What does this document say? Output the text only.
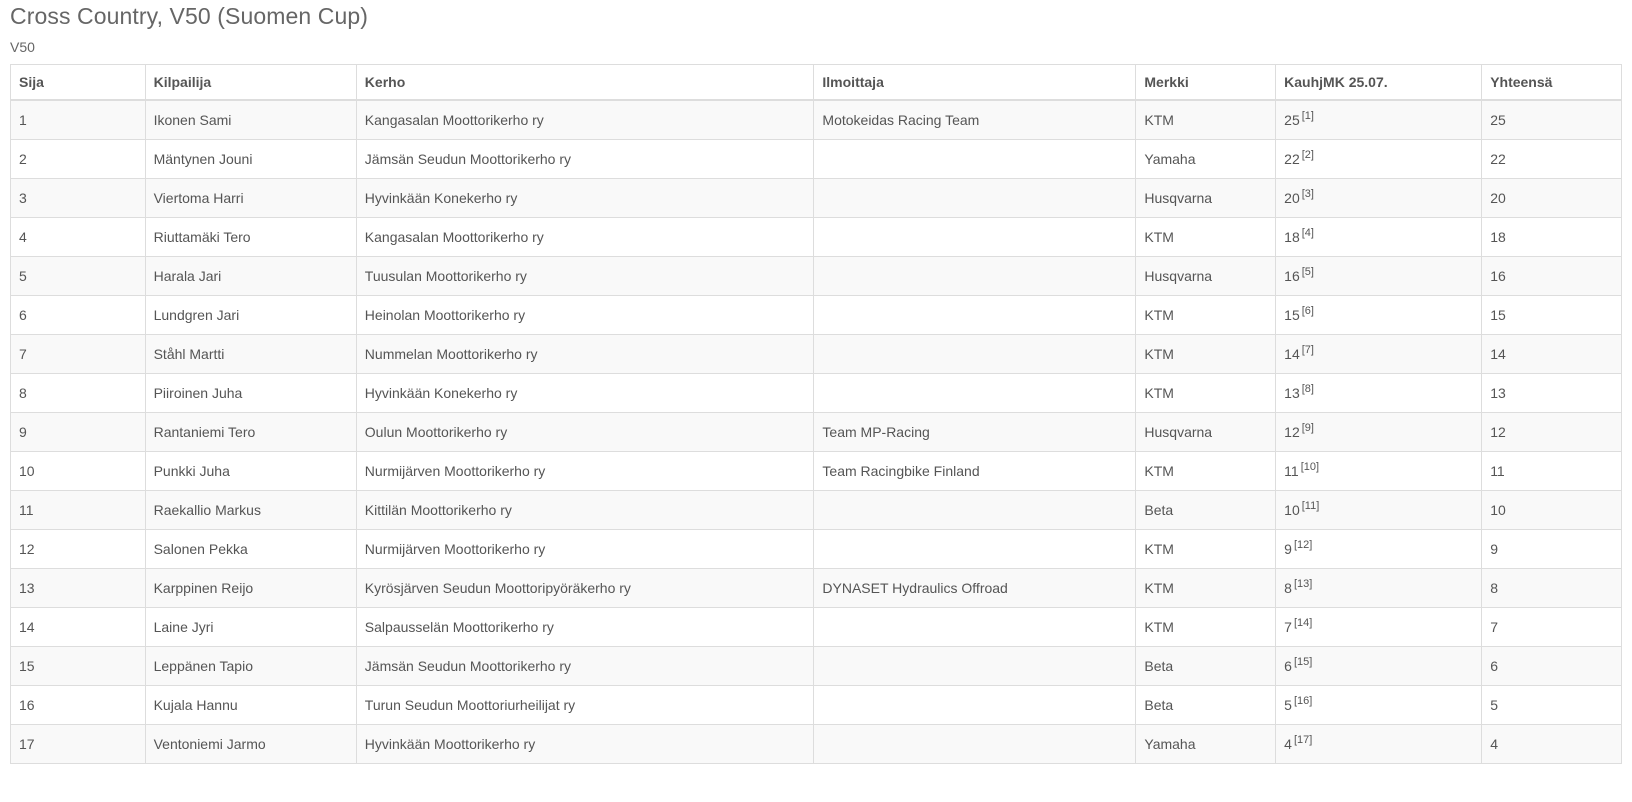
Cross Country, V50 (Suomen Cup)
V50
Sija	Kilpailija	Kerho	Ilmoittaja	Merkki	KauhjMK 25.07.	Yhteensä
1	Ikonen Sami	Kangasalan Moottorikerho ry	Motokeidas Racing Team	KTM	25 [1]	25
2	Mäntynen Jouni	Jämsän Seudun Moottorikerho ry		Yamaha	22 [2]	22
3	Viertoma Harri	Hyvinkään Konekerho ry		Husqvarna	20 [3]	20
4	Riuttamäki Tero	Kangasalan Moottorikerho ry		KTM	18 [4]	18
5	Harala Jari	Tuusulan Moottorikerho ry		Husqvarna	16 [5]	16
6	Lundgren Jari	Heinolan Moottorikerho ry		KTM	15 [6]	15
7	Ståhl Martti	Nummelan Moottorikerho ry		KTM	14 [7]	14
8	Piiroinen Juha	Hyvinkään Konekerho ry		KTM	13 [8]	13
9	Rantaniemi Tero	Oulun Moottorikerho ry	Team MP-Racing	Husqvarna	12 [9]	12
10	Punkki Juha	Nurmijärven Moottorikerho ry	Team Racingbike Finland	KTM	11 [10]	11
11	Raekallio Markus	Kittilän Moottorikerho ry		Beta	10 [11]	10
12	Salonen Pekka	Nurmijärven Moottorikerho ry		KTM	9 [12]	9
13	Karppinen Reijo	Kyrösjärven Seudun Moottoripyöräkerho ry	DYNASET Hydraulics Offroad	KTM	8 [13]	8
14	Laine Jyri	Salpausselän Moottorikerho ry		KTM	7 [14]	7
15	Leppänen Tapio	Jämsän Seudun Moottorikerho ry		Beta	6 [15]	6
16	Kujala Hannu	Turun Seudun Moottoriurheilijat ry		Beta	5 [16]	5
17	Ventoniemi Jarmo	Hyvinkään Moottorikerho ry		Yamaha	4 [17]	4
